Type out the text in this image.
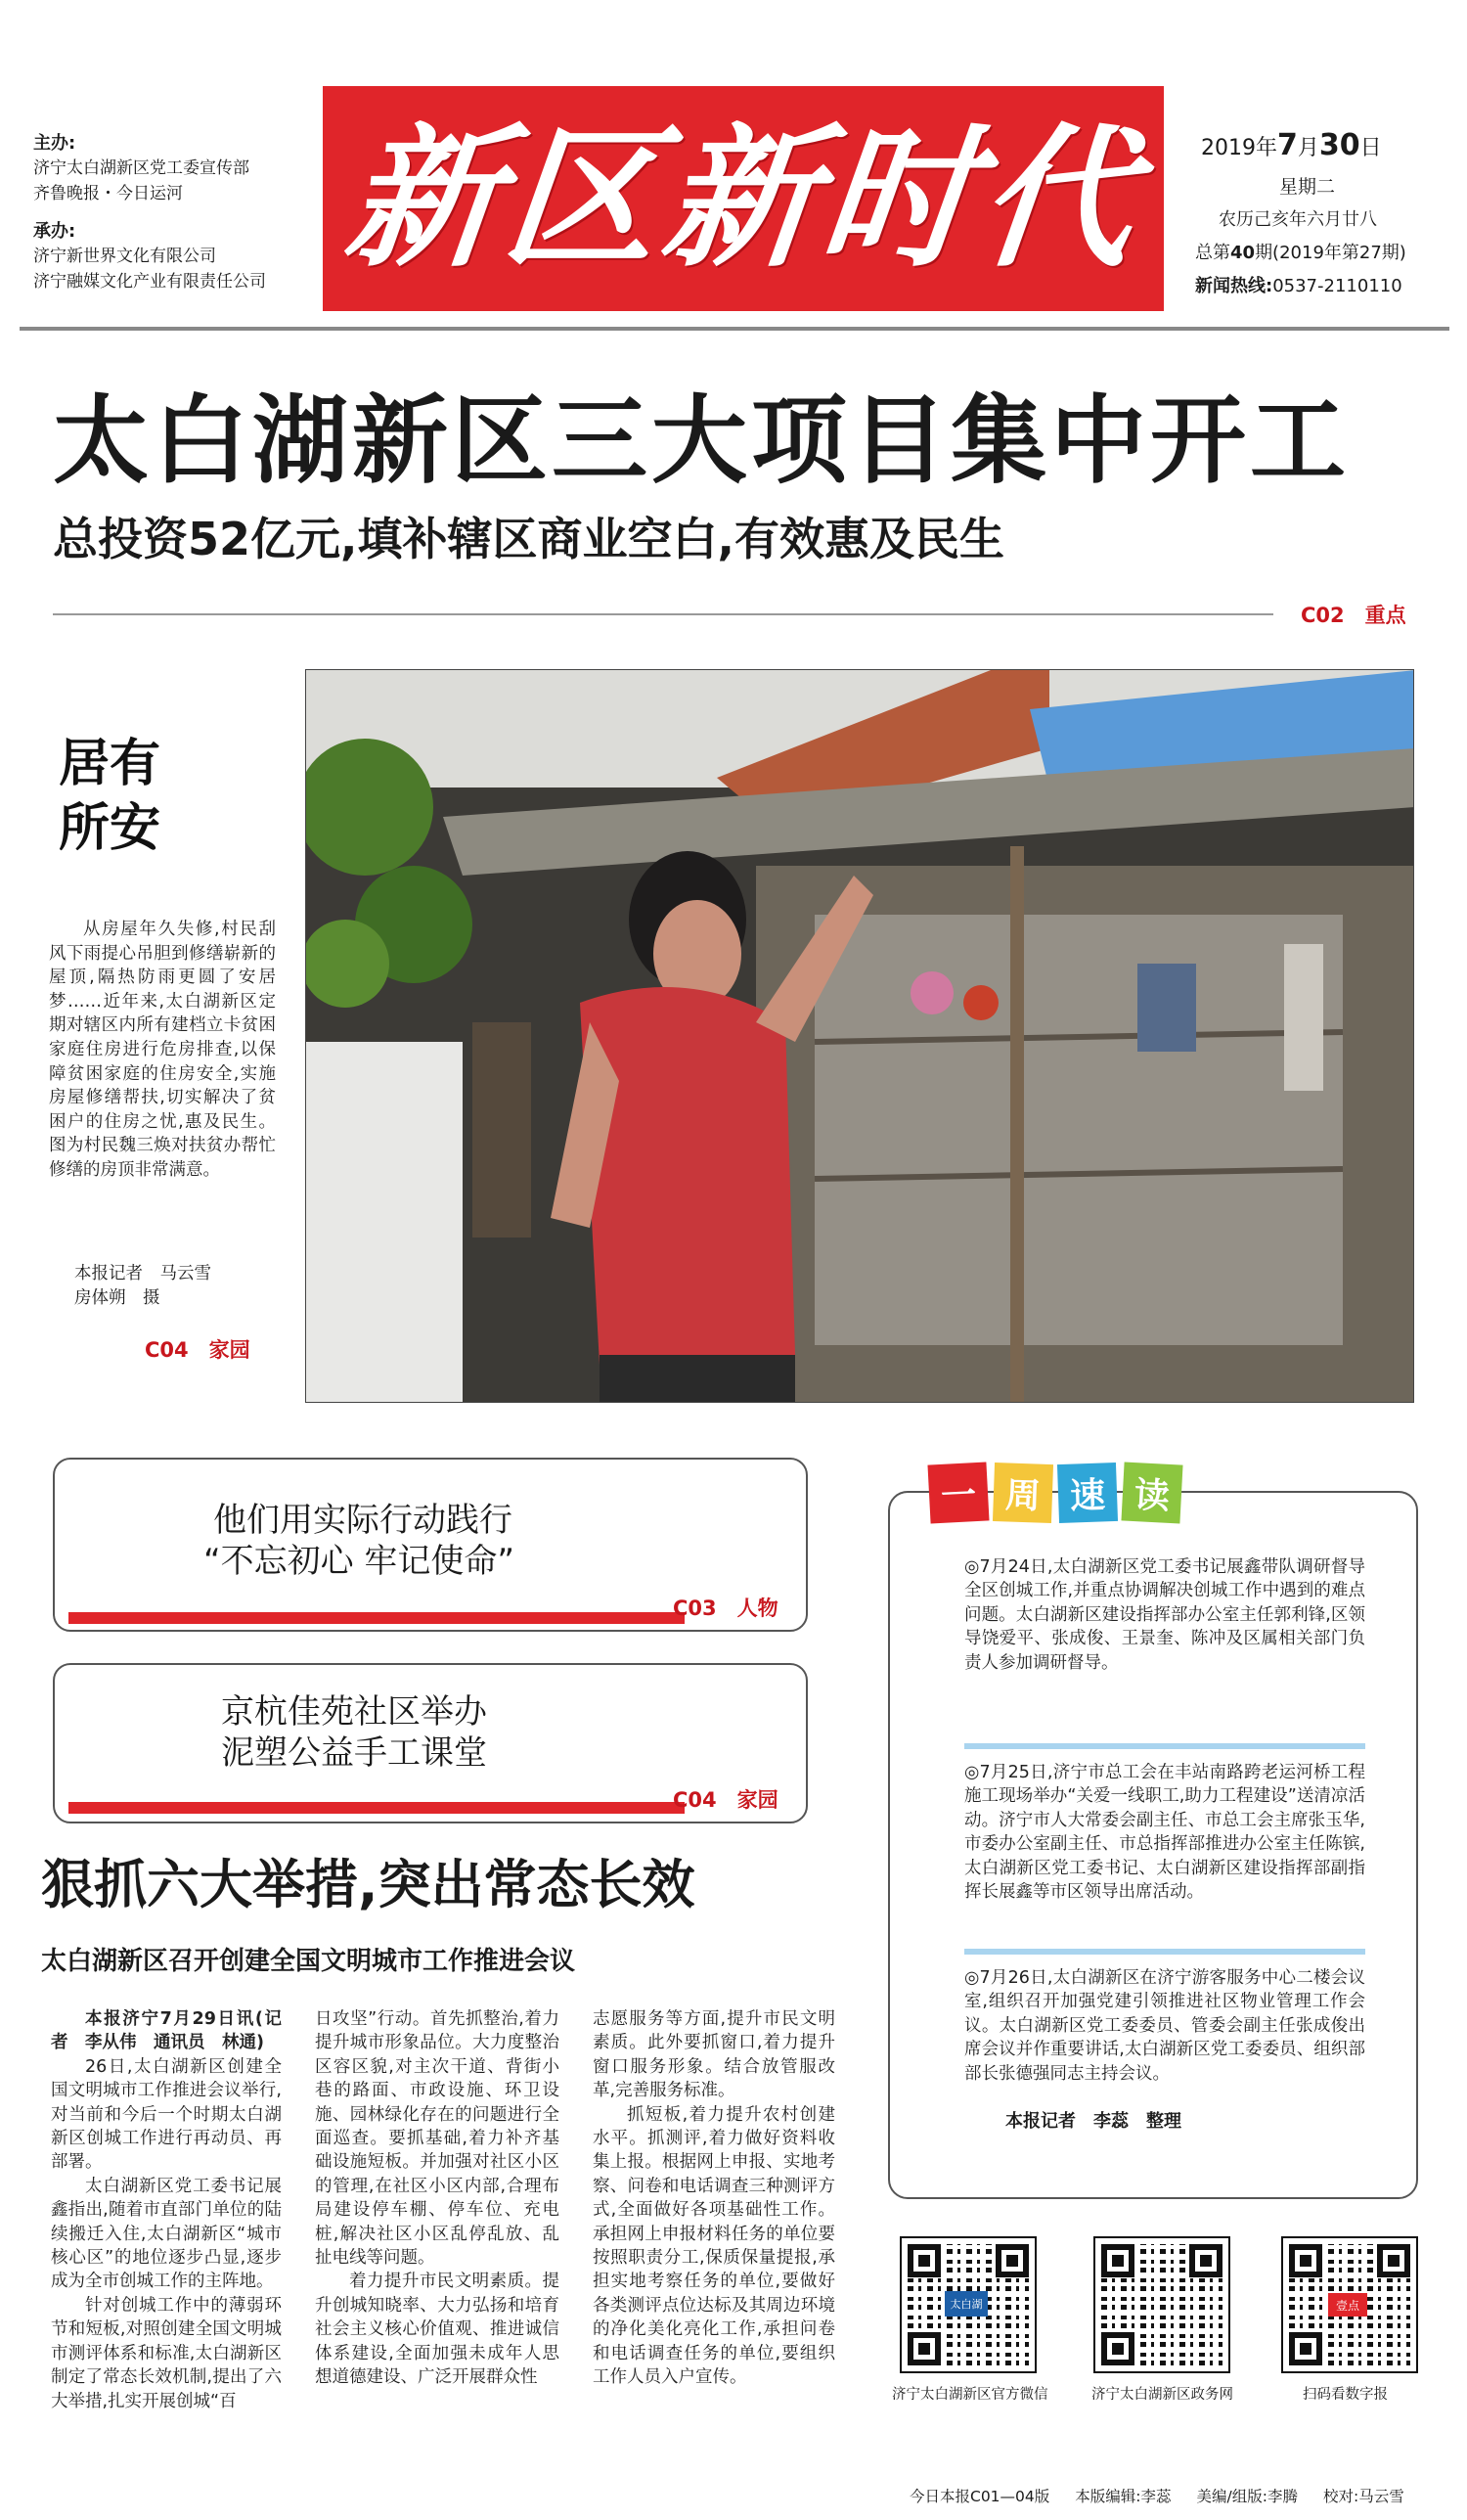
主办:
济宁太白湖新区党工委宣传部
齐鲁晚报・今日运河
承办:
济宁新世界文化有限公司
济宁融媒文化产业有限责任公司 新区新时代 2019年7月30日
星期二
农历己亥年六月廿八
总第40期(2019年第27期)
新闻热线:0537-2110110
太白湖新区三大项目集中开工
总投资52亿元,填补辖区商业空白,有效惠及民生
C02　 重点
居有
所安

从房屋年久失修,村民刮风下雨提心吊胆到修缮崭新的屋顶,隔热防雨更圆了安居梦……近年来,太白湖新区定期对辖区内所有建档立卡贫困家庭住房进行危房排查,以保障贫困家庭的住房安全,实施房屋修缮帮扶,切实解决了贫困户的住房之忧,惠及民生。图为村民魏三焕对扶贫办帮忙修缮的房顶非常满意。

本报记者　马云雪
房体朔　摄
C04　 家园
他们用实际行动践行
“不忘初心 牢记使命”
C03　 人物
京杭佳苑社区举办
泥塑公益手工课堂
C04　 家园
狠抓六大举措,突出常态长效
太白湖新区召开创建全国文明城市工作推进会议
本报济宁7月29日讯(记者　李从伟　通讯员　林通)

26日,太白湖新区创建全国文明城市工作推进会议举行,对当前和今后一个时期太白湖新区创城工作进行再动员、再部署。

太白湖新区党工委书记展鑫指出,随着市直部门单位的陆续搬迁入住,太白湖新区“城市核心区”的地位逐步凸显,逐步成为全市创城工作的主阵地。

针对创城工作中的薄弱环节和短板,对照创建全国文明城市测评体系和标准,太白湖新区制定了常态长效机制,提出了六大举措,扎实开展创城“百

日攻坚”行动。首先抓整治,着力提升城市形象品位。大力度整治区容区貌,对主次干道、背街小巷的路面、市政设施、环卫设施、园林绿化存在的问题进行全面巡查。要抓基础,着力补齐基础设施短板。并加强对社区小区的管理,在社区小区内部,合理布局建设停车棚、停车位、充电桩,解决社区小区乱停乱放、乱扯电线等问题。

着力提升市民文明素质。提升创城知晓率、大力弘扬和培育社会主义核心价值观、推进诚信体系建设,全面加强未成年人思想道德建设、广泛开展群众性

志愿服务等方面,提升市民文明素质。此外要抓窗口,着力提升窗口服务形象。结合放管服改革,完善服务标准。

抓短板,着力提升农村创建水平。抓测评,着力做好资料收集上报。根据网上申报、实地考察、问卷和电话调查三种测评方式,全面做好各项基础性工作。承担网上申报材料任务的单位要按照职责分工,保质保量提报,承担实地考察任务的单位,要做好各类测评点位达标及其周边环境的净化美化亮化工作,承担问卷和电话调查任务的单位,要组织工作人员入户宣传。

一 周 速 读
◎7月24日,太白湖新区党工委书记展鑫带队调研督导全区创城工作,并重点协调解决创城工作中遇到的难点问题。太白湖新区建设指挥部办公室主任郭利锋,区领导饶爱平、张成俊、王景奎、陈冲及区属相关部门负责人参加调研督导。
◎7月25日,济宁市总工会在丰站南路跨老运河桥工程施工现场举办“关爱一线职工,助力工程建设”送清凉活动。济宁市人大常委会副主任、市总工会主席张玉华,市委办公室副主任、市总指挥部推进办公室主任陈镔,太白湖新区党工委书记、太白湖新区建设指挥部副指挥长展鑫等市区领导出席活动。
◎7月26日,太白湖新区在济宁游客服务中心二楼会议室,组织召开加强党建引领推进社区物业管理工作会议。太白湖新区党工委委员、管委会副主任张成俊出席会议并作重要讲话,太白湖新区党工委委员、组织部部长张德强同志主持会议。
本报记者　李蕊　整理
太白湖
济宁太白湖新区官方微信	济宁太白湖新区政务网
壹点
扫码看数字报
今日本报C01—04版 本版编辑:李蕊 美编/组版:李腾 校对:马云雪
